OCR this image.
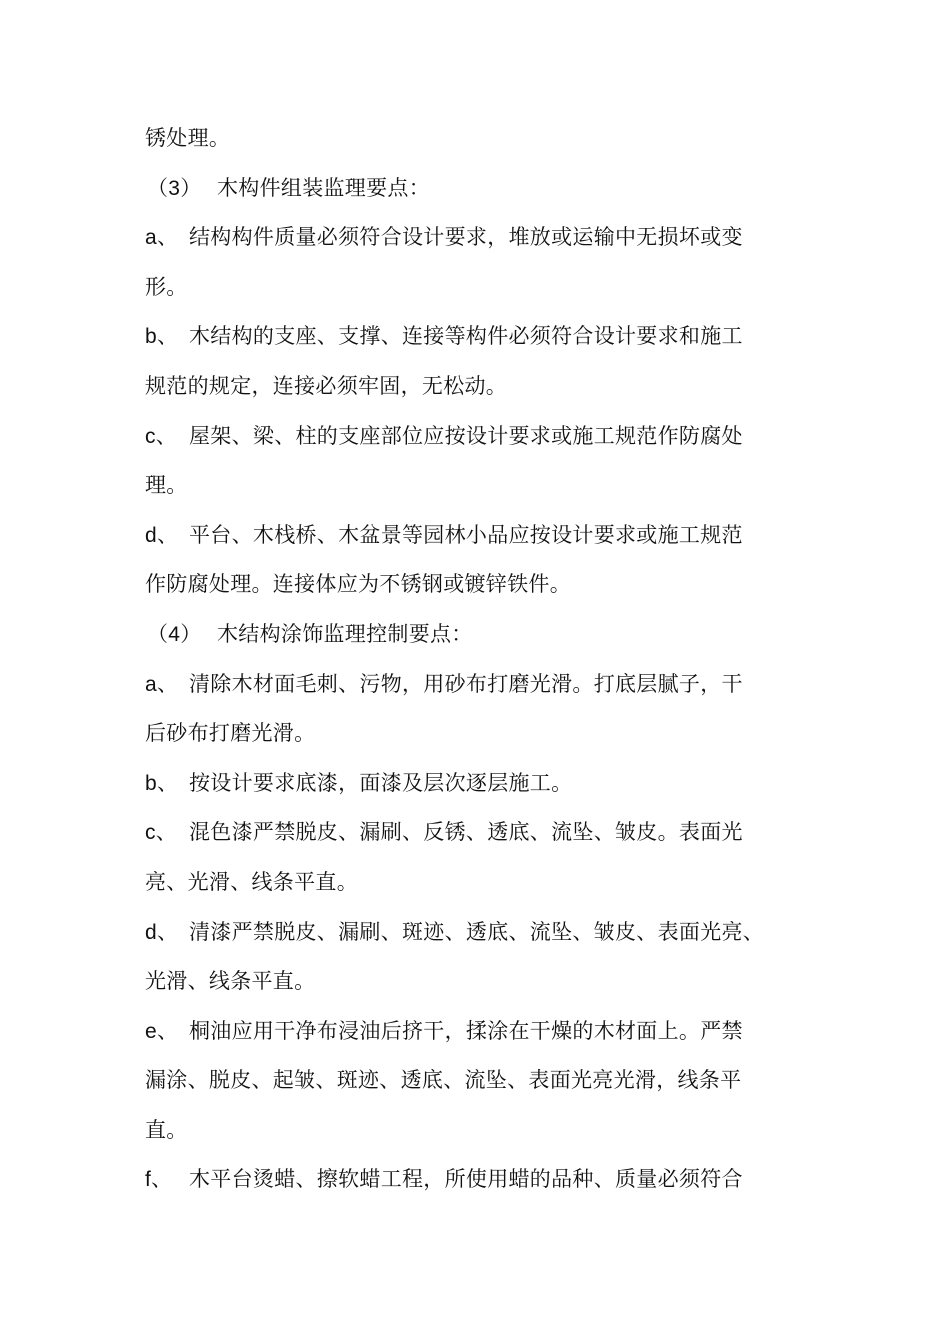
锈处理。
（3） 木构件组装监理要点：
a、 结构构件质量必须符合设计要求，堆放或运输中无损坏或变
形。
b、 木结构的支座、支撑、连接等构件必须符合设计要求和施工
规范的规定，连接必须牢固，无松动。
c、 屋架、梁、柱的支座部位应按设计要求或施工规范作防腐处
理。
d、 平台、木栈桥、木盆景等园林小品应按设计要求或施工规范
作防腐处理。连接体应为不锈钢或镀锌铁件。
（4） 木结构涂饰监理控制要点：
a、 清除木材面毛刺、污物，用砂布打磨光滑。打底层腻子，干
后砂布打磨光滑。
b、 按设计要求底漆，面漆及层次逐层施工。
c、 混色漆严禁脱皮、漏刷、反锈、透底、流坠、皱皮。表面光
亮、光滑、线条平直。
d、 清漆严禁脱皮、漏刷、斑迹、透底、流坠、皱皮、表面光亮、
光滑、线条平直。
e、 桐油应用干净布浸油后挤干，揉涂在干燥的木材面上。严禁
漏涂、脱皮、起皱、斑迹、透底、流坠、表面光亮光滑，线条平
直。
f、 木平台烫蜡、擦软蜡工程，所使用蜡的品种、质量必须符合
